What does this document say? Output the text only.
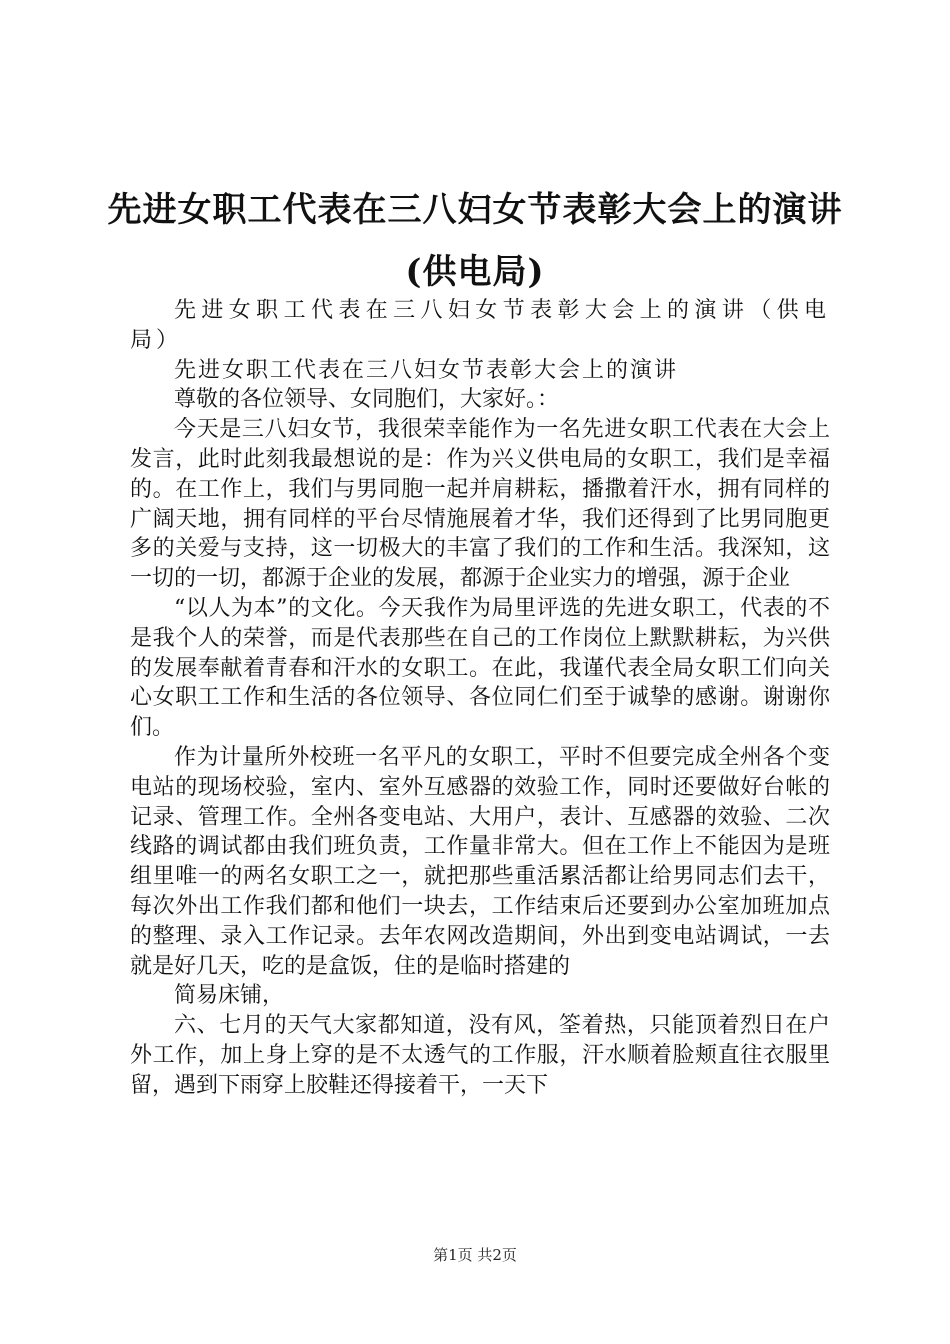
先进女职工代表在三八妇女节表彰大会上的演讲(供电局)

先进女职工代表在三八妇女节表彰大会上的演讲（供电局）

先进女职工代表在三八妇女节表彰大会上的演讲

尊敬的各位领导、女同胞们，大家好。：

今天是三八妇女节，我很荣幸能作为一名先进女职工代表在大会上发言，此时此刻我最想说的是：作为兴义供电局的女职工，我们是幸福的。在工作上，我们与男同胞一起并肩耕耘，播撒着汗水，拥有同样的广阔天地，拥有同样的平台尽情施展着才华，我们还得到了比男同胞更多的关爱与支持，这一切极大的丰富了我们的工作和生活。我深知，这一切的一切，都源于企业的发展，都源于企业实力的增强，源于企业

“以人为本”的文化。今天我作为局里评选的先进女职工，代表的不是我个人的荣誉，而是代表那些在自己的工作岗位上默默耕耘，为兴供的发展奉献着青春和汗水的女职工。在此，我谨代表全局女职工们向关心女职工工作和生活的各位领导、各位同仁们至于诚挚的感谢。谢谢你们。

作为计量所外校班一名平凡的女职工，平时不但要完成全州各个变电站的现场校验，室内、室外互感器的效验工作，同时还要做好台帐的记录、管理工作。全州各变电站、大用户，表计、互感器的效验、二次线路的调试都由我们班负责，工作量非常大。但在工作上不能因为是班组里唯一的两名女职工之一，就把那些重活累活都让给男同志们去干，每次外出工作我们都和他们一块去，工作结束后还要到办公室加班加点的整理、录入工作记录。去年农网改造期间，外出到变电站调试，一去就是好几天，吃的是盒饭，住的是临时搭建的

简易床铺，

六、七月的天气大家都知道，没有风，筌着热，只能顶着烈日在户外工作，加上身上穿的是不太透气的工作服，汗水顺着脸颊直往衣服里留，遇到下雨穿上胶鞋还得接着干，一天下

第1页 共2页
